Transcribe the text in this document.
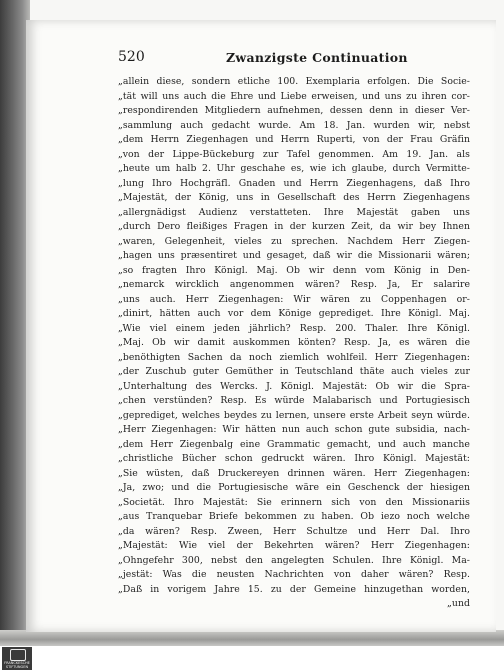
520	Zwanzigste Continuation
„allein diese, sondern etliche 100. Exemplaria erfolgen. Die Socie-
„tät will uns auch die Ehre und Liebe erweisen, und uns zu ihren cor-
„respondirenden Mitgliedern aufnehmen, dessen denn in dieser Ver-
„sammlung auch gedacht wurde. Am 18. Jan. wurden wir, nebst
„dem Herrn Ziegenhagen und Herrn Ruperti, von der Frau Gräfin
„von der Lippe-Bückeburg zur Tafel genommen. Am 19. Jan. als
„heute um halb 2. Uhr geschahe es, wie ich glaube, durch Vermitte-
„lung Ihro Hochgräfl. Gnaden und Herrn Ziegenhagens, daß Ihro
„Majestät, der König, uns in Gesellschaft des Herrn Ziegenhagens
„allergnädigst Audienz verstatteten. Ihre Majestät gaben uns
„durch Dero fleißiges Fragen in der kurzen Zeit, da wir bey Ihnen
„waren, Gelegenheit, vieles zu sprechen. Nachdem Herr Ziegen-
„hagen uns præsentiret und gesaget, daß wir die Missionarii wären;
„so fragten Ihro Königl. Maj. Ob wir denn vom König in Den-
„nemarck wircklich angenommen wären? Resp. Ja, Er salarire
„uns auch. Herr Ziegenhagen: Wir wären zu Coppenhagen or-
„dinirt, hätten auch vor dem Könige geprediget. Ihre Königl. Maj.
„Wie viel einem jeden jährlich? Resp. 200. Thaler. Ihre Königl.
„Maj. Ob wir damit auskommen könten? Resp. Ja, es wären die
„benöthigten Sachen da noch ziemlich wohlfeil. Herr Ziegenhagen:
„der Zuschub guter Gemüther in Teutschland thäte auch vieles zur
„Unterhaltung des Wercks. J. Königl. Majestät: Ob wir die Spra-
„chen verstünden? Resp. Es würde Malabarisch und Portugiesisch
„geprediget, welches beydes zu lernen, unsere erste Arbeit seyn würde.
„Herr Ziegenhagen: Wir hätten nun auch schon gute subsidia, nach-
„dem Herr Ziegenbalg eine Grammatic gemacht, und auch manche
„christliche Bücher schon gedruckt wären. Ihro Königl. Majestät:
„Sie wüsten, daß Druckereyen drinnen wären. Herr Ziegenhagen:
„Ja, zwo; und die Portugiesische wäre ein Geschenck der hiesigen
„Societät. Ihro Majestät: Sie erinnern sich von den Missionariis
„aus Tranquebar Briefe bekommen zu haben. Ob iezo noch welche
„da wären? Resp. Zween, Herr Schultze und Herr Dal. Ihro
„Majestät: Wie viel der Bekehrten wären? Herr Ziegenhagen:
„Ohngefehr 300, nebst den angelegten Schulen. Ihre Königl. Ma-
„jestät: Was die neusten Nachrichten von daher wären? Resp.
„Daß in vorigem Jahre 15. zu der Gemeine hinzugethan worden,
„und
FRANCKESCHE STIFTUNGEN
